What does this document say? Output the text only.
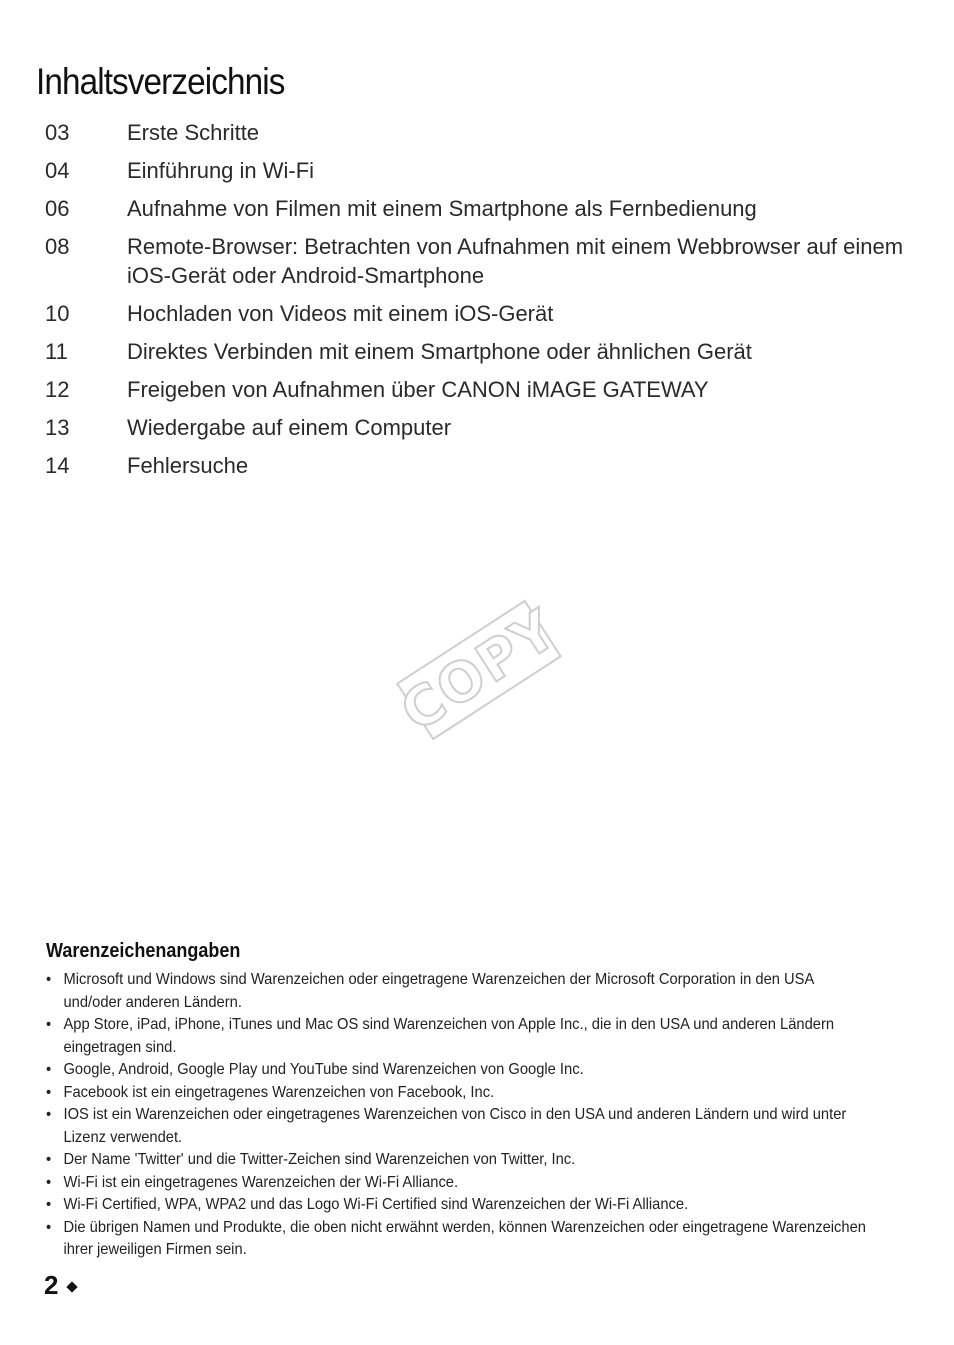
Inhaltsverzeichnis
03	Erste Schritte
04	Einführung in Wi-Fi
06	Aufnahme von Filmen mit einem Smartphone als Fernbedienung
08	Remote-Browser: Betrachten von Aufnahmen mit einem Webbrowser auf einem iOS-Gerät oder Android-Smartphone
10	Hochladen von Videos mit einem iOS-Gerät
11	Direktes Verbinden mit einem Smartphone oder ähnlichen Gerät
12	Freigeben von Aufnahmen über CANON iMAGE GATEWAY
13	Wiedergabe auf einem Computer
14	Fehlersuche
COPY
Warenzeichenangaben
• Microsoft und Windows sind Warenzeichen oder eingetragene Warenzeichen der Microsoft Corporation in den USA und/oder anderen Ländern.
• App Store, iPad, iPhone, iTunes und Mac OS sind Warenzeichen von Apple Inc., die in den USA und anderen Ländern eingetragen sind.
• Google, Android, Google Play und YouTube sind Warenzeichen von Google Inc.
• Facebook ist ein eingetragenes Warenzeichen von Facebook, Inc.
• IOS ist ein Warenzeichen oder eingetragenes Warenzeichen von Cisco in den USA und anderen Ländern und wird unter Lizenz verwendet.
• Der Name 'Twitter' und die Twitter-Zeichen sind Warenzeichen von Twitter, Inc.
• Wi-Fi ist ein eingetragenes Warenzeichen der Wi-Fi Alliance.
• Wi-Fi Certified, WPA, WPA2 und das Logo Wi-Fi Certified sind Warenzeichen der Wi-Fi Alliance.
• Die übrigen Namen und Produkte, die oben nicht erwähnt werden, können Warenzeichen oder eingetragene Warenzeichen ihrer jeweiligen Firmen sein.
2
